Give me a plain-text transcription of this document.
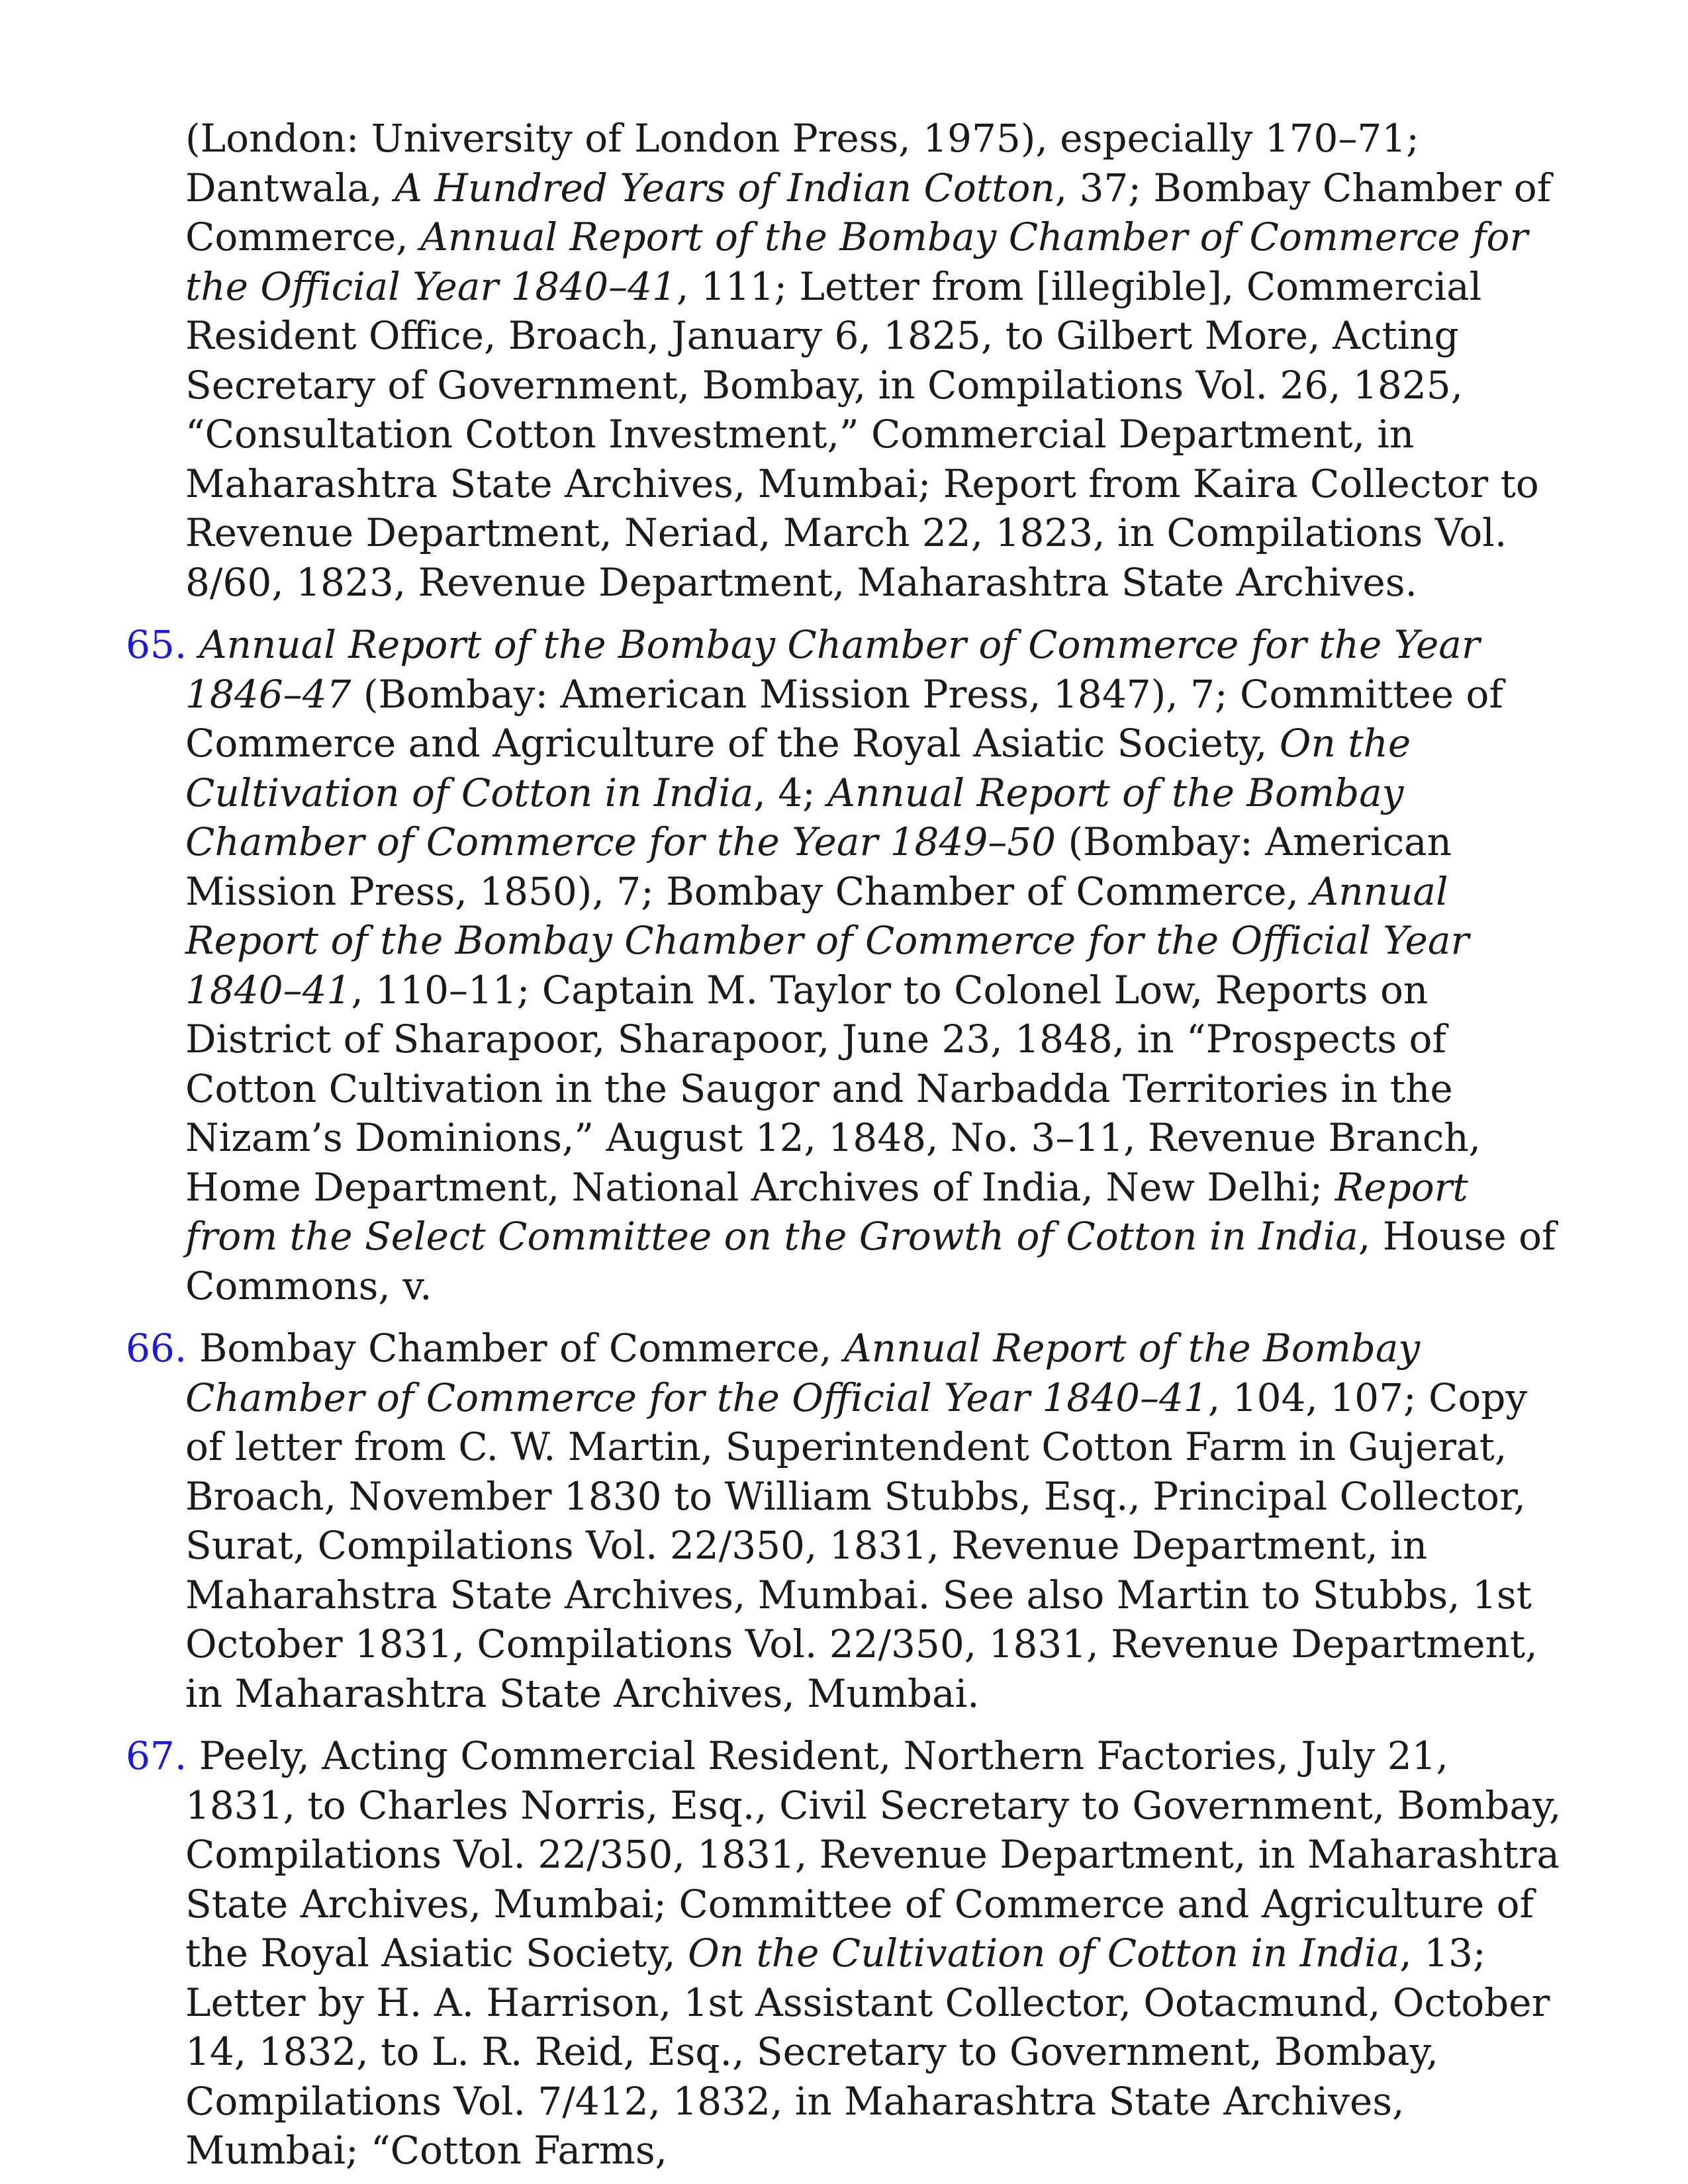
(London: University of London Press, 1975), especially 170–71; Dantwala, A Hundred Years of Indian Cotton, 37; Bombay Chamber of Commerce, Annual Report of the Bombay Chamber of Commerce for the Official Year 1840–41, 111; Letter from [illegible], Commercial Resident Office, Broach, January 6, 1825, to Gilbert More, Acting Secretary of Government, Bombay, in Compilations Vol. 26, 1825, “Consultation Cotton Investment,” Commercial Department, in Maharashtra State Archives, Mumbai; Report from Kaira Collector to Revenue Department, Neriad, March 22, 1823, in Compilations Vol. 8/60, 1823, Revenue Department, Maharashtra State Archives.

65. Annual Report of the Bombay Chamber of Commerce for the Year 1846–47 (Bombay: American Mission Press, 1847), 7; Committee of Commerce and Agriculture of the Royal Asiatic Society, On the Cultivation of Cotton in India, 4; Annual Report of the Bombay Chamber of Commerce for the Year 1849–50 (Bombay: American Mission Press, 1850), 7; Bombay Chamber of Commerce, Annual Report of the Bombay Chamber of Commerce for the Official Year 1840–41, 110–11; Captain M. Taylor to Colonel Low, Reports on District of Sharapoor, Sharapoor, June 23, 1848, in “Prospects of Cotton Cultivation in the Saugor and Narbadda Territories in the Nizam’s Dominions,” August 12, 1848, No. 3–11, Revenue Branch, Home Department, National Archives of India, New Delhi; Report from the Select Committee on the Growth of Cotton in India, House of Commons, v.

66. Bombay Chamber of Commerce, Annual Report of the Bombay Chamber of Commerce for the Official Year 1840–41, 104, 107; Copy of letter from C. W. Martin, Superintendent Cotton Farm in Gujerat, Broach, November 1830 to William Stubbs, Esq., Principal Collector, Surat, Compilations Vol. 22/350, 1831, Revenue Department, in Maharahstra State Archives, Mumbai. See also Martin to Stubbs, 1st October 1831, Compilations Vol. 22/350, 1831, Revenue Department, in Maharashtra State Archives, Mumbai.

67. Peely, Acting Commercial Resident, Northern Factories, July 21, 1831, to Charles Norris, Esq., Civil Secretary to Government, Bombay, Compilations Vol. 22/350, 1831, Revenue Department, in Maharashtra State Archives, Mumbai; Committee of Commerce and Agriculture of the Royal Asiatic Society, On the Cultivation of Cotton in India, 13; Letter by H. A. Harrison, 1st Assistant Collector, Ootacmund, October 14, 1832, to L. R. Reid, Esq., Secretary to Government, Bombay, Compilations Vol. 7/412, 1832, in Maharashtra State Archives, Mumbai; “Cotton Farms,
